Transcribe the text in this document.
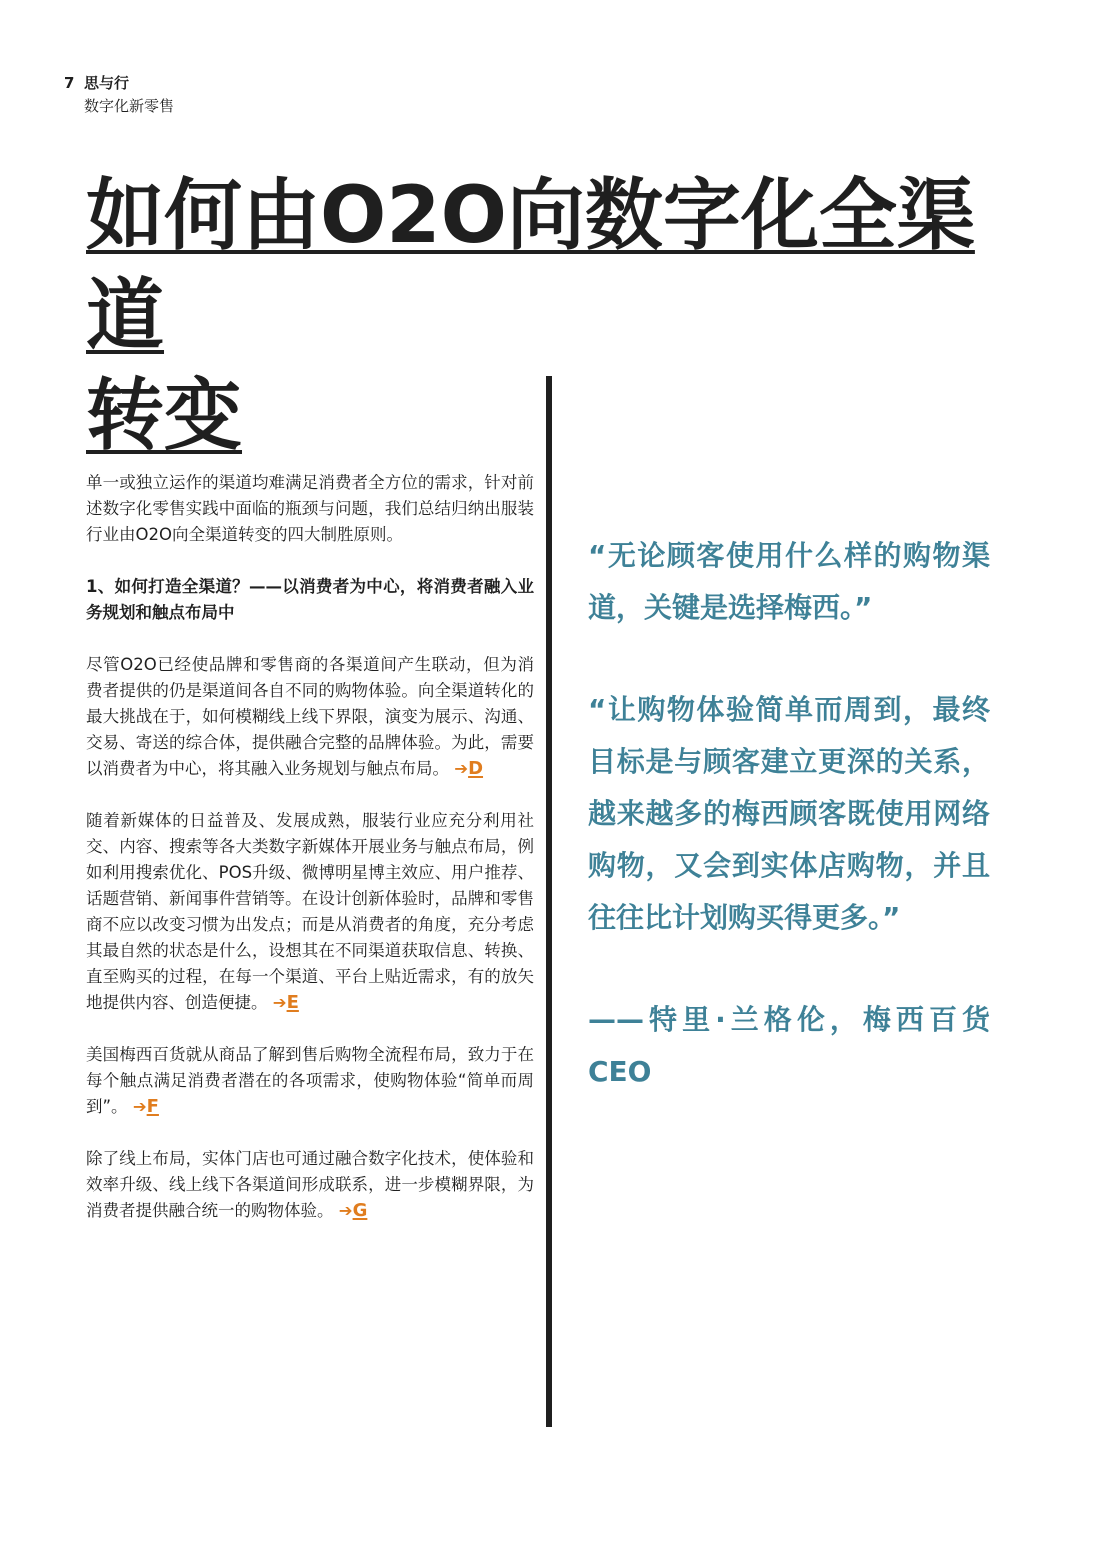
7 思与行
数字化新零售
如何由O2O向数字化全渠道
转变

单一或独立运作的渠道均难满足消费者全方位的需求，针对前述数字化零售实践中面临的瓶颈与问题，我们总结归纳出服装行业由O2O向全渠道转变的四大制胜原则。

1、如何打造全渠道？——以消费者为中心，将消费者融入业务规划和触点布局中

尽管O2O已经使品牌和零售商的各渠道间产生联动，但为消费者提供的仍是渠道间各自不同的购物体验。向全渠道转化的最大挑战在于，如何模糊线上线下界限，演变为展示、沟通、交易、寄送的综合体，提供融合完整的品牌体验。为此，需要以消费者为中心，将其融入业务规划与触点布局。 ➔D

随着新媒体的日益普及、发展成熟，服装行业应充分利用社交、内容、搜索等各大类数字新媒体开展业务与触点布局，例如利用搜索优化、POS升级、微博明星博主效应、用户推荐、话题营销、新闻事件营销等。在设计创新体验时，品牌和零售商不应以改变习惯为出发点；而是从消费者的角度，充分考虑其最自然的状态是什么，设想其在不同渠道获取信息、转换、直至购买的过程，在每一个渠道、平台上贴近需求，有的放矢地提供内容、创造便捷。 ➔E

美国梅西百货就从商品了解到售后购物全流程布局，致力于在每个触点满足消费者潜在的各项需求，使购物体验“简单而周到”。 ➔F

除了线上布局，实体门店也可通过融合数字化技术，使体验和效率升级、线上线下各渠道间形成联系，进一步模糊界限，为消费者提供融合统一的购物体验。 ➔G

“无论顾客使用什么样的购物渠道，关键是选择梅西。”

“让购物体验简单而周到，最终目标是与顾客建立更深的关系，越来越多的梅西顾客既使用网络购物，又会到实体店购物，并且往往比计划购买得更多。”

——特里·兰格伦，梅西百货CEO
